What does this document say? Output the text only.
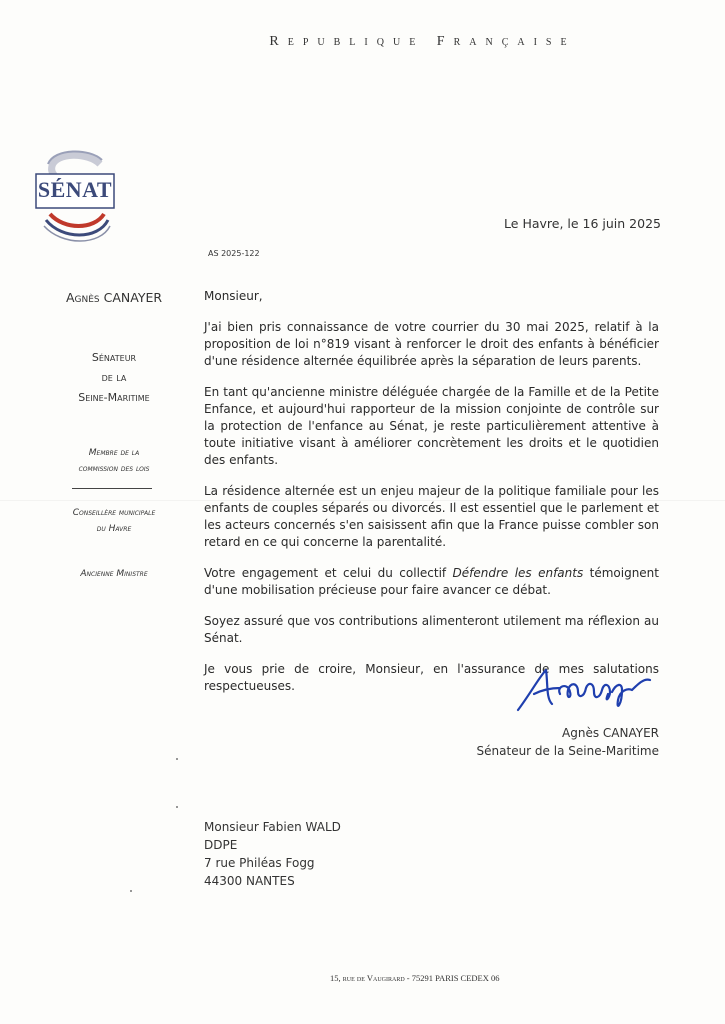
Republique Française
SÉNAT
Le Havre, le 16 juin 2025
AS 2025-122
Agnès CANAYER
Sénateur
de la
Seine-Maritime
Membre de la
commission des lois
Conseillère municipale
du Havre
Ancienne Ministre

Monsieur,

J'ai bien pris connaissance de votre courrier du 30 mai 2025, relatif à la proposition de loi n°819 visant à renforcer le droit des enfants à bénéficier d'une résidence alternée équilibrée après la séparation de leurs parents.

En tant qu'ancienne ministre déléguée chargée de la Famille et de la Petite Enfance, et aujourd'hui rapporteur de la mission conjointe de contrôle sur la protection de l'enfance au Sénat, je reste particulièrement attentive à toute initiative visant à améliorer concrètement les droits et le quotidien des enfants.

La résidence alternée est un enjeu majeur de la politique familiale pour les enfants de couples séparés ou divorcés. Il est essentiel que le parlement et les acteurs concernés s'en saisissent afin que la France puisse combler son retard en ce qui concerne la parentalité.

Votre engagement et celui du collectif Défendre les enfants témoignent d'une mobilisation précieuse pour faire avancer ce débat.

Soyez assuré que vos contributions alimenteront utilement ma réflexion au Sénat.

Je vous prie de croire, Monsieur, en l'assurance de mes salutations respectueuses.

Agnès CANAYER
Sénateur de la Seine-Maritime
Monsieur Fabien WALD
DDPE
7 rue Philéas Fogg
44300 NANTES
15, rue de Vaugirard - 75291 PARIS CEDEX 06
